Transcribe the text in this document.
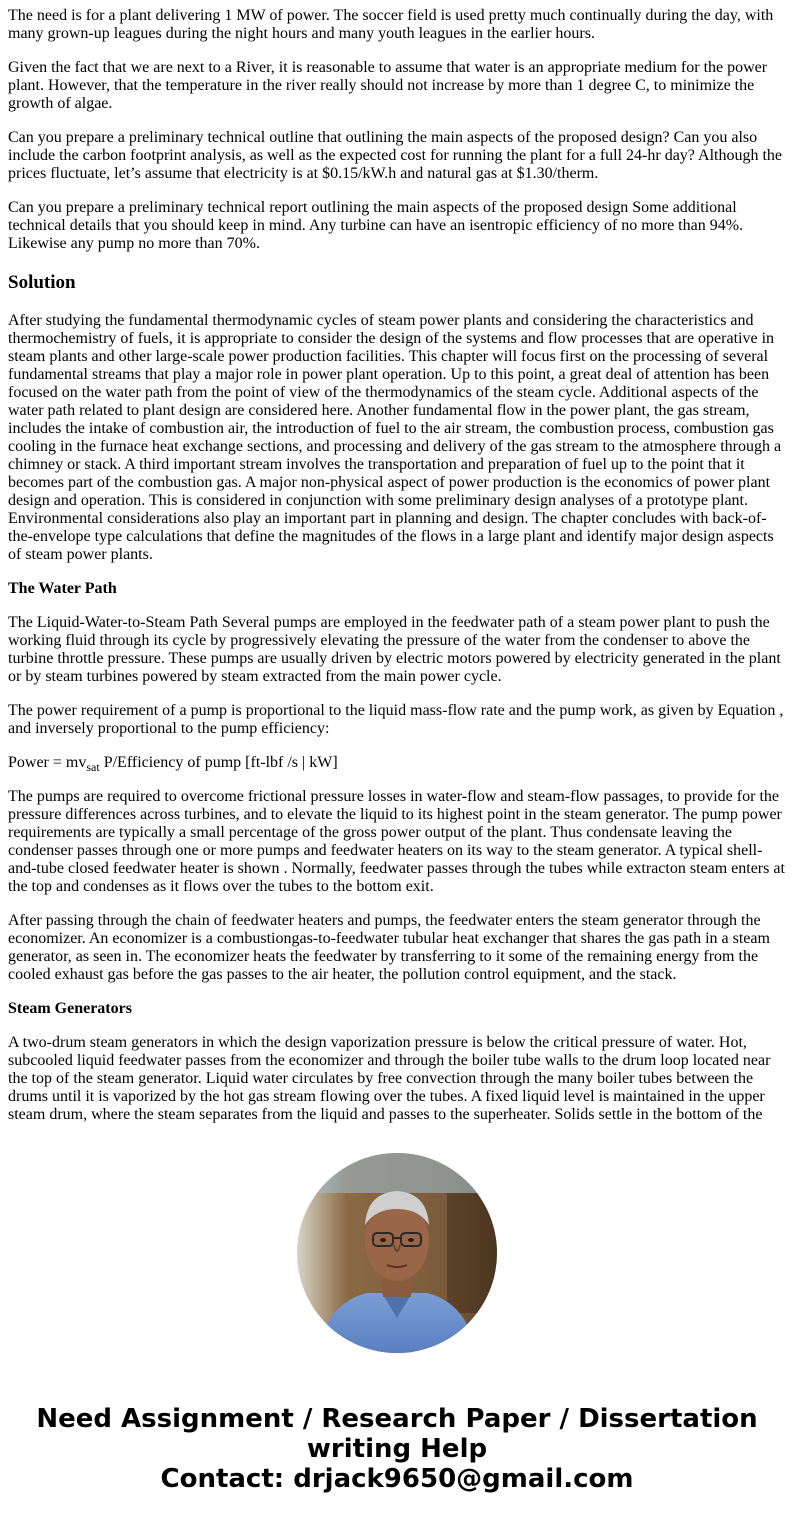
The need is for a plant delivering 1 MW of power. The soccer field is used pretty much continually during the day, with many grown-up leagues during the night hours and many youth leagues in the earlier hours.

Given the fact that we are next to a River, it is reasonable to assume that water is an appropriate medium for the power plant. However, that the temperature in the river really should not increase by more than 1 degree C, to minimize the growth of algae.

Can you prepare a preliminary technical outline that outlining the main aspects of the proposed design? Can you also include the carbon footprint analysis, as well as the expected cost for running the plant for a full 24-hr day? Although the prices fluctuate, let’s assume that electricity is at $0.15/kW.h and natural gas at $1.30/therm.

Can you prepare a preliminary technical report outlining the main aspects of the proposed design Some additional technical details that you should keep in mind. Any turbine can have an isentropic efficiency of no more than 94%. Likewise any pump no more than 70%.

Solution

After studying the fundamental thermodynamic cycles of steam power plants and considering the characteristics and thermochemistry of fuels, it is appropriate to consider the design of the systems and flow processes that are operative in steam plants and other large-scale power production facilities. This chapter will focus first on the processing of several fundamental streams that play a major role in power plant operation. Up to this point, a great deal of attention has been focused on the water path from the point of view of the thermodynamics of the steam cycle. Additional aspects of the water path related to plant design are considered here. Another fundamental flow in the power plant, the gas stream, includes the intake of combustion air, the introduction of fuel to the air stream, the combustion process, combustion gas cooling in the furnace heat exchange sections, and processing and delivery of the gas stream to the atmosphere through a chimney or stack. A third important stream involves the transportation and preparation of fuel up to the point that it becomes part of the combustion gas. A major non-physical aspect of power production is the economics of power plant design and operation. This is considered in conjunction with some preliminary design analyses of a prototype plant. Environmental considerations also play an important part in planning and design. The chapter concludes with back-of-the-envelope type calculations that define the magnitudes of the flows in a large plant and identify major design aspects of steam power plants.

The Water Path

The Liquid-Water-to-Steam Path Several pumps are employed in the feedwater path of a steam power plant to push the working fluid through its cycle by progressively elevating the pressure of the water from the condenser to above the turbine throttle pressure. These pumps are usually driven by electric motors powered by electricity generated in the plant or by steam turbines powered by steam extracted from the main power cycle.

The power requirement of a pump is proportional to the liquid mass-flow rate and the pump work, as given by Equation , and inversely proportional to the pump efficiency:

Power = $mv_{sat}$ P/Efficiency of pump [ft-lbf /s | kW]

The pumps are required to overcome frictional pressure losses in water-flow and steam-flow passages, to provide for the pressure differences across turbines, and to elevate the liquid to its highest point in the steam generator. The pump power requirements are typically a small percentage of the gross power output of the plant. Thus condensate leaving the condenser passes through one or more pumps and feedwater heaters on its way to the steam generator. A typical shell-and-tube closed feedwater heater is shown . Normally, feedwater passes through the tubes while extracton steam enters at the top and condenses as it flows over the tubes to the bottom exit.

After passing through the chain of feedwater heaters and pumps, the feedwater enters the steam generator through the economizer. An economizer is a combustiongas-to-feedwater tubular heat exchanger that shares the gas path in a steam generator, as seen in. The economizer heats the feedwater by transferring to it some of the remaining energy from the cooled exhaust gas before the gas passes to the air heater, the pollution control equipment, and the stack.

Steam Generators

A two-drum steam generators in which the design vaporization pressure is below the critical pressure of water. Hot, subcooled liquid feedwater passes from the economizer and through the boiler tube walls to the drum loop located near the top of the steam generator. Liquid water circulates by free convection through the many boiler tubes between the drums until it is vaporized by the hot gas stream flowing over the tubes. A fixed liquid level is maintained in the upper steam drum, where the steam separates from the liquid and passes to the superheater. Solids settle in the bottom of the

Need Assignment / Research Paper / Dissertation writing Help
Contact: drjack9650@gmail.com
